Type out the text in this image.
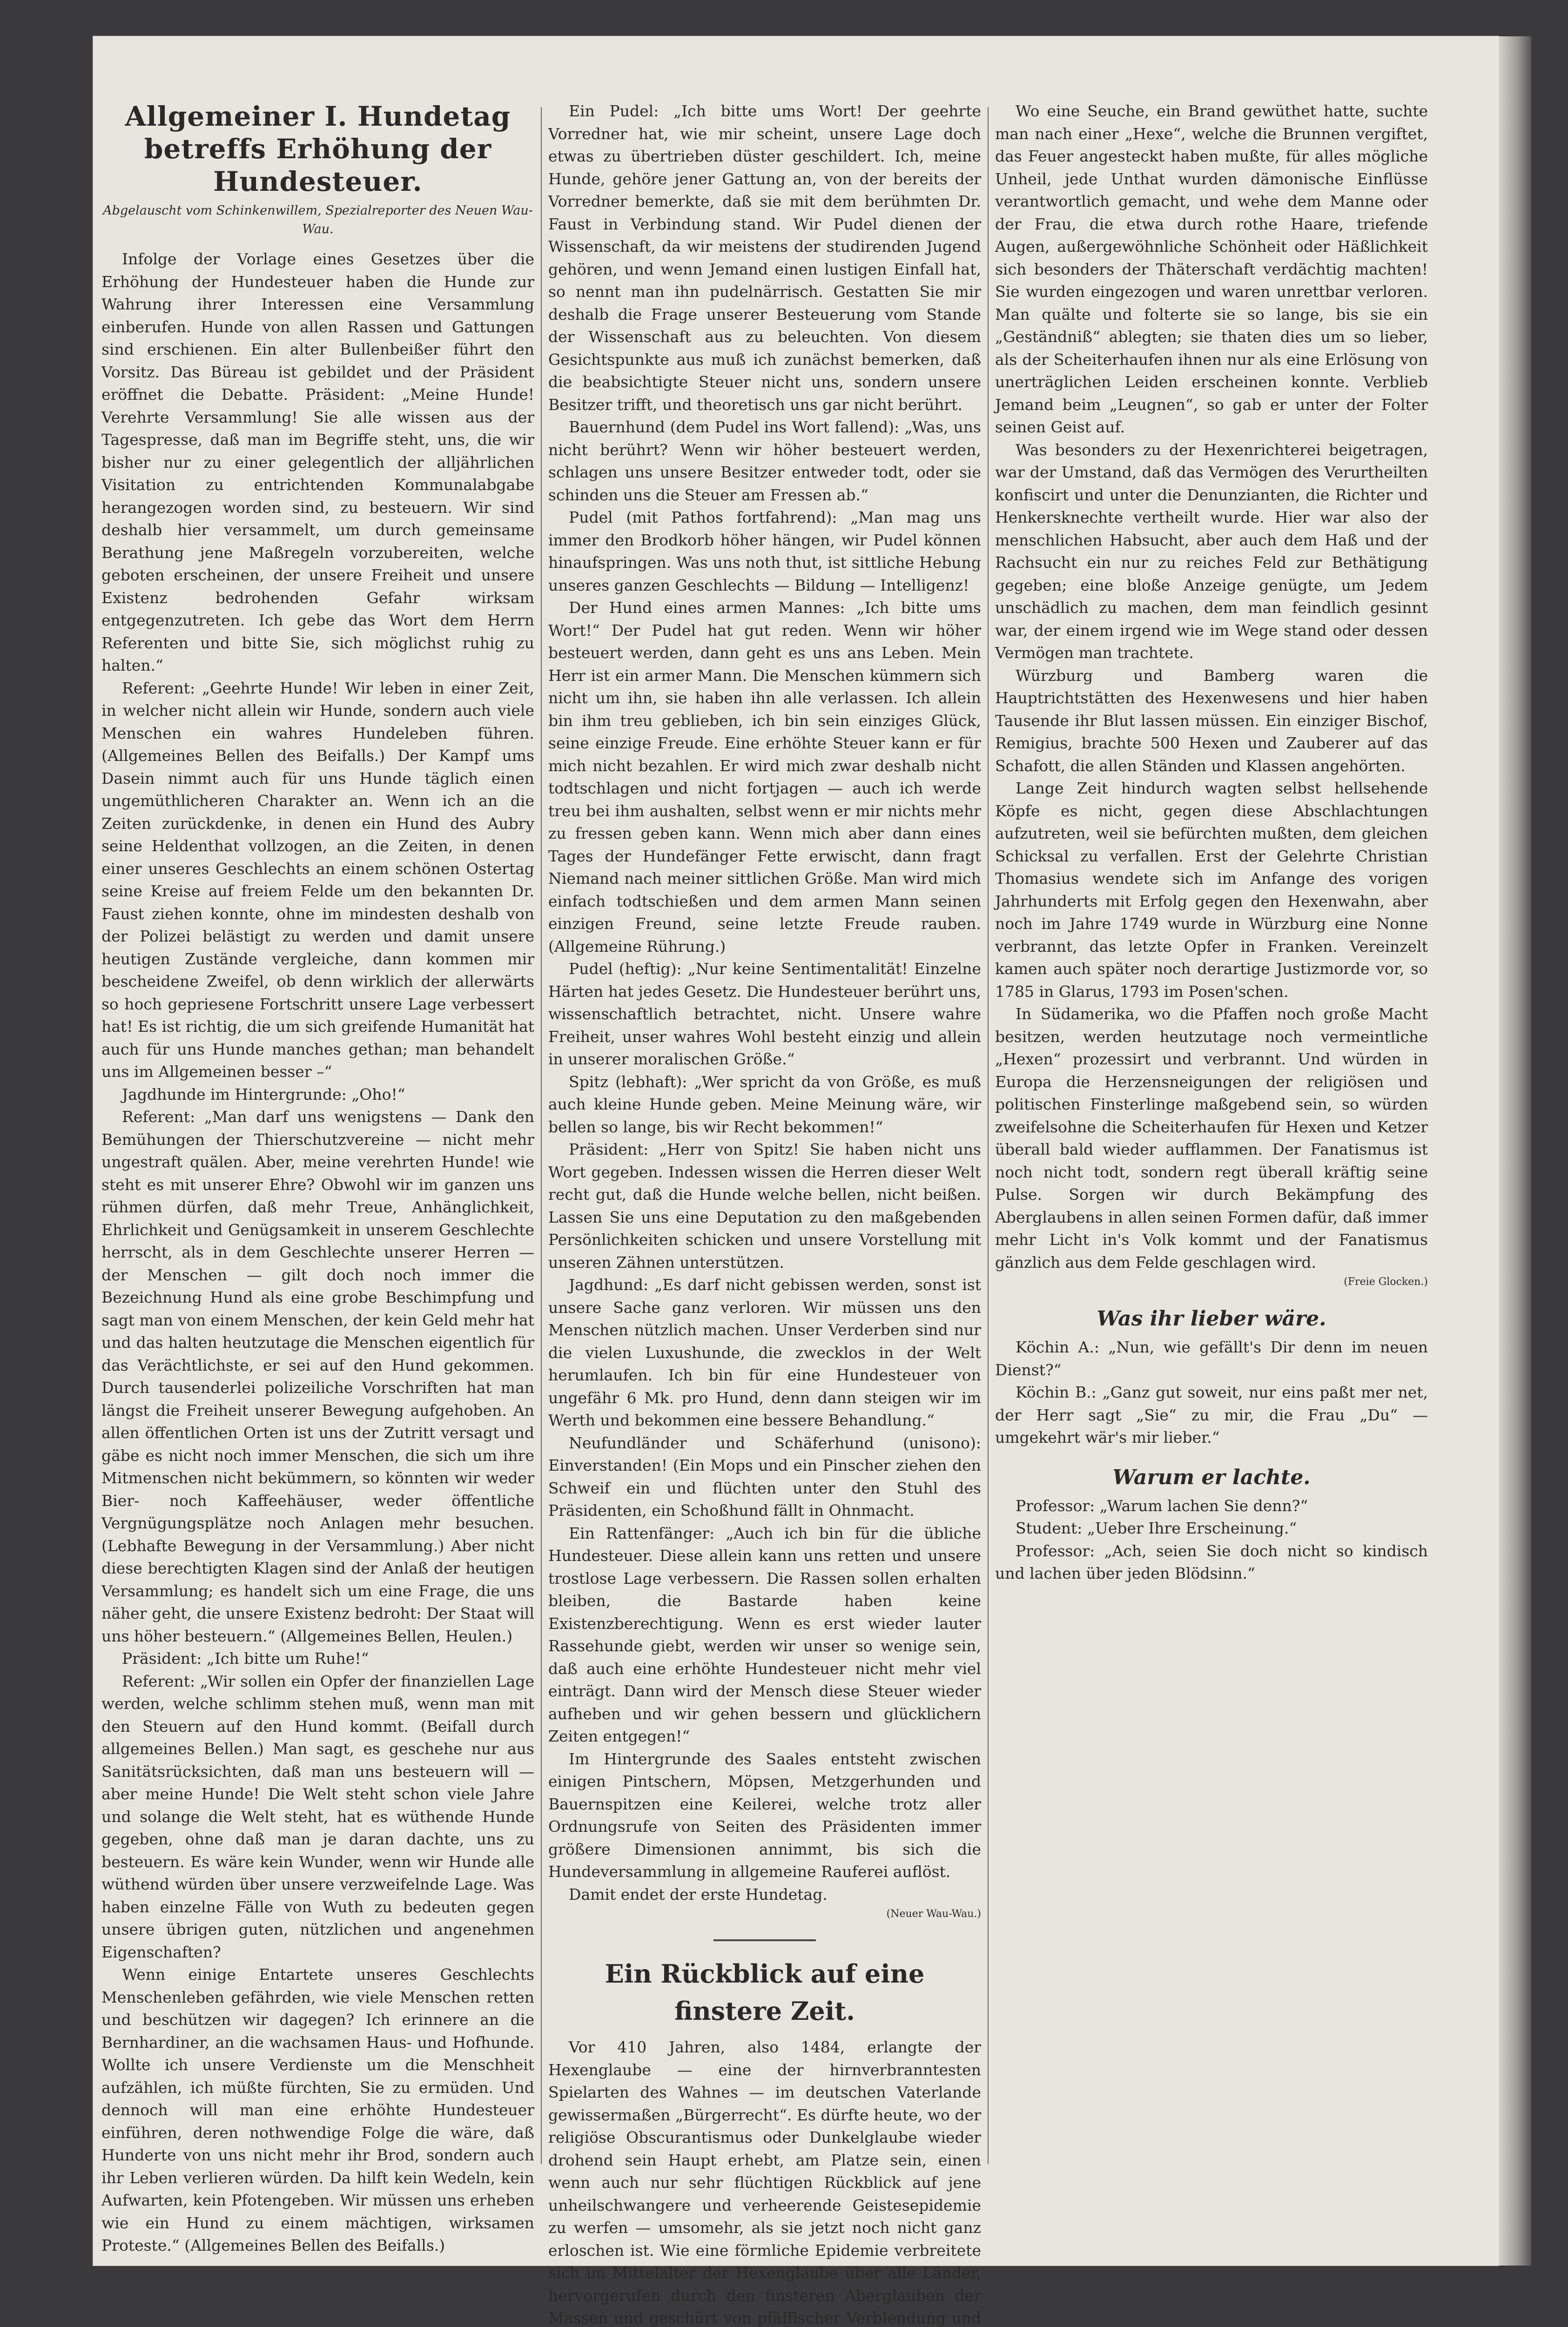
Allgemeiner I. Hundetag

betreffs Erhöhung der Hundesteuer.

Abgelauscht vom Schinkenwillem, Spezialreporter des Neuen Wau-Wau.

Infolge der Vorlage eines Gesetzes über die Erhöhung der Hundesteuer haben die Hunde zur Wahrung ihrer Interessen eine Versammlung einberufen. Hunde von allen Rassen und Gattungen sind erschienen. Ein alter Bullenbeißer führt den Vorsitz. Das Büreau ist gebildet und der Präsident eröffnet die Debatte. Präsident: „Meine Hunde! Verehrte Versammlung! Sie alle wissen aus der Tagespresse, daß man im Begriffe steht, uns, die wir bisher nur zu einer gelegentlich der alljährlichen Visitation zu entrichtenden Kommunalabgabe herangezogen worden sind, zu besteuern. Wir sind deshalb hier versammelt, um durch gemeinsame Berathung jene Maßregeln vorzubereiten, welche geboten erscheinen, der unsere Freiheit und unsere Existenz bedrohenden Gefahr wirksam entgegenzutreten. Ich gebe das Wort dem Herrn Referenten und bitte Sie, sich möglichst ruhig zu halten.“

Referent: „Geehrte Hunde! Wir leben in einer Zeit, in welcher nicht allein wir Hunde, sondern auch viele Menschen ein wahres Hundeleben führen. (Allgemeines Bellen des Beifalls.) Der Kampf ums Dasein nimmt auch für uns Hunde täglich einen ungemüthlicheren Charakter an. Wenn ich an die Zeiten zurückdenke, in denen ein Hund des Aubry seine Heldenthat vollzogen, an die Zeiten, in denen einer unseres Geschlechts an einem schönen Ostertag seine Kreise auf freiem Felde um den bekannten Dr. Faust ziehen konnte, ohne im mindesten deshalb von der Polizei belästigt zu werden und damit unsere heutigen Zustände vergleiche, dann kommen mir bescheidene Zweifel, ob denn wirklich der allerwärts so hoch gepriesene Fortschritt unsere Lage verbessert hat! Es ist richtig, die um sich greifende Humanität hat auch für uns Hunde manches gethan; man behandelt uns im Allgemeinen besser –“

Jagdhunde im Hintergrunde: „Oho!“

Referent: „Man darf uns wenigstens — Dank den Bemühungen der Thierschutzvereine — nicht mehr ungestraft quälen. Aber, meine verehrten Hunde! wie steht es mit unserer Ehre? Obwohl wir im ganzen uns rühmen dürfen, daß mehr Treue, Anhänglichkeit, Ehrlichkeit und Genügsamkeit in unserem Geschlechte herrscht, als in dem Geschlechte unserer Herren — der Menschen — gilt doch noch immer die Bezeichnung Hund als eine grobe Beschimpfung und sagt man von einem Menschen, der kein Geld mehr hat und das halten heutzutage die Menschen eigentlich für das Verächtlichste, er sei auf den Hund gekommen. Durch tausenderlei polizeiliche Vorschriften hat man längst die Freiheit unserer Bewegung aufgehoben. An allen öffentlichen Orten ist uns der Zutritt versagt und gäbe es nicht noch immer Menschen, die sich um ihre Mitmenschen nicht bekümmern, so könnten wir weder Bier- noch Kaffeehäuser, weder öffentliche Vergnügungsplätze noch Anlagen mehr besuchen. (Lebhafte Bewegung in der Versammlung.) Aber nicht diese berechtigten Klagen sind der Anlaß der heutigen Versammlung; es handelt sich um eine Frage, die uns näher geht, die unsere Existenz bedroht: Der Staat will uns höher besteuern.“ (Allgemeines Bellen, Heulen.)

Präsident: „Ich bitte um Ruhe!“

Referent: „Wir sollen ein Opfer der finanziellen Lage werden, welche schlimm stehen muß, wenn man mit den Steuern auf den Hund kommt. (Beifall durch allgemeines Bellen.) Man sagt, es geschehe nur aus Sanitätsrücksichten, daß man uns besteuern will — aber meine Hunde! Die Welt steht schon viele Jahre und solange die Welt steht, hat es wüthende Hunde gegeben, ohne daß man je daran dachte, uns zu besteuern. Es wäre kein Wunder, wenn wir Hunde alle wüthend würden über unsere verzweifelnde Lage. Was haben einzelne Fälle von Wuth zu bedeuten gegen unsere übrigen guten, nützlichen und angenehmen Eigenschaften?

Wenn einige Entartete unseres Geschlechts Menschenleben gefährden, wie viele Menschen retten und beschützen wir dagegen? Ich erinnere an die Bernhardiner, an die wachsamen Haus- und Hofhunde. Wollte ich unsere Verdienste um die Menschheit aufzählen, ich müßte fürchten, Sie zu ermüden. Und dennoch will man eine erhöhte Hundesteuer einführen, deren nothwendige Folge die wäre, daß Hunderte von uns nicht mehr ihr Brod, sondern auch ihr Leben verlieren würden. Da hilft kein Wedeln, kein Aufwarten, kein Pfotengeben. Wir müssen uns erheben wie ein Hund zu einem mächtigen, wirksamen Proteste.“ (Allgemeines Bellen des Beifalls.)

Ein Pudel: „Ich bitte ums Wort! Der geehrte Vorredner hat, wie mir scheint, unsere Lage doch etwas zu übertrieben düster geschildert. Ich, meine Hunde, gehöre jener Gattung an, von der bereits der Vorredner bemerkte, daß sie mit dem berühmten Dr. Faust in Verbindung stand. Wir Pudel dienen der Wissenschaft, da wir meistens der studirenden Jugend gehören, und wenn Jemand einen lustigen Einfall hat, so nennt man ihn pudelnärrisch. Gestatten Sie mir deshalb die Frage unserer Besteuerung vom Stande der Wissenschaft aus zu beleuchten. Von diesem Gesichtspunkte aus muß ich zunächst bemerken, daß die beabsichtigte Steuer nicht uns, sondern unsere Besitzer trifft, und theoretisch uns gar nicht berührt.

Bauernhund (dem Pudel ins Wort fallend): „Was, uns nicht berührt? Wenn wir höher besteuert werden, schlagen uns unsere Besitzer entweder todt, oder sie schinden uns die Steuer am Fressen ab.“

Pudel (mit Pathos fortfahrend): „Man mag uns immer den Brodkorb höher hängen, wir Pudel können hinaufspringen. Was uns noth thut, ist sittliche Hebung unseres ganzen Geschlechts — Bildung — Intelligenz!

Der Hund eines armen Mannes: „Ich bitte ums Wort!“ Der Pudel hat gut reden. Wenn wir höher besteuert werden, dann geht es uns ans Leben. Mein Herr ist ein armer Mann. Die Menschen kümmern sich nicht um ihn, sie haben ihn alle verlassen. Ich allein bin ihm treu geblieben, ich bin sein einziges Glück, seine einzige Freude. Eine erhöhte Steuer kann er für mich nicht bezahlen. Er wird mich zwar deshalb nicht todtschlagen und nicht fortjagen — auch ich werde treu bei ihm aushalten, selbst wenn er mir nichts mehr zu fressen geben kann. Wenn mich aber dann eines Tages der Hundefänger Fette erwischt, dann fragt Niemand nach meiner sittlichen Größe. Man wird mich einfach todtschießen und dem armen Mann seinen einzigen Freund, seine letzte Freude rauben. (Allgemeine Rührung.)

Pudel (heftig): „Nur keine Sentimentalität! Einzelne Härten hat jedes Gesetz. Die Hundesteuer berührt uns, wissenschaftlich betrachtet, nicht. Unsere wahre Freiheit, unser wahres Wohl besteht einzig und allein in unserer moralischen Größe.“

Spitz (lebhaft): „Wer spricht da von Größe, es muß auch kleine Hunde geben. Meine Meinung wäre, wir bellen so lange, bis wir Recht bekommen!“

Präsident: „Herr von Spitz! Sie haben nicht uns Wort gegeben. Indessen wissen die Herren dieser Welt recht gut, daß die Hunde welche bellen, nicht beißen. Lassen Sie uns eine Deputation zu den maßgebenden Persönlichkeiten schicken und unsere Vorstellung mit unseren Zähnen unterstützen.

Jagdhund: „Es darf nicht gebissen werden, sonst ist unsere Sache ganz verloren. Wir müssen uns den Menschen nützlich machen. Unser Verderben sind nur die vielen Luxushunde, die zwecklos in der Welt herumlaufen. Ich bin für eine Hundesteuer von ungefähr 6 Mk. pro Hund, denn dann steigen wir im Werth und bekommen eine bessere Behandlung.“

Neufundländer und Schäferhund (unisono): Einverstanden! (Ein Mops und ein Pinscher ziehen den Schweif ein und flüchten unter den Stuhl des Präsidenten, ein Schoßhund fällt in Ohnmacht.

Ein Rattenfänger: „Auch ich bin für die übliche Hundesteuer. Diese allein kann uns retten und unsere trostlose Lage verbessern. Die Rassen sollen erhalten bleiben, die Bastarde haben keine Existenzberechtigung. Wenn es erst wieder lauter Rassehunde giebt, werden wir unser so wenige sein, daß auch eine erhöhte Hundesteuer nicht mehr viel einträgt. Dann wird der Mensch diese Steuer wieder aufheben und wir gehen bessern und glücklichern Zeiten entgegen!“

Im Hintergrunde des Saales entsteht zwischen einigen Pintschern, Möpsen, Metzgerhunden und Bauernspitzen eine Keilerei, welche trotz aller Ordnungsrufe von Seiten des Präsidenten immer größere Dimensionen annimmt, bis sich die Hundeversammlung in allgemeine Rauferei auflöst.

Damit endet der erste Hundetag.

(Neuer Wau-Wau.)

Ein Rückblick auf eine finstere Zeit.

Vor 410 Jahren, also 1484, erlangte der Hexenglaube — eine der hirnverbranntesten Spielarten des Wahnes — im deutschen Vaterlande gewissermaßen „Bürgerrecht“. Es dürfte heute, wo der religiöse Obscurantismus oder Dunkelglaube wieder drohend sein Haupt erhebt, am Platze sein, einen wenn auch nur sehr flüchtigen Rückblick auf jene unheilschwangere und verheerende Geistesepidemie zu werfen — umsomehr, als sie jetzt noch nicht ganz erloschen ist. Wie eine förmliche Epidemie verbreitete sich im Mittelalter der Hexenglaube über alle Länder, hervorgerufen durch den finsteren Aberglauben der Massen und geschürt von pfäffischer Verblendung und

Wo eine Seuche, ein Brand gewüthet hatte, suchte man nach einer „Hexe“, welche die Brunnen vergiftet, das Feuer angesteckt haben mußte, für alles mögliche Unheil, jede Unthat wurden dämonische Einflüsse verantwortlich gemacht, und wehe dem Manne oder der Frau, die etwa durch rothe Haare, triefende Augen, außergewöhnliche Schönheit oder Häßlichkeit sich besonders der Thäterschaft verdächtig machten! Sie wurden eingezogen und waren unrettbar verloren. Man quälte und folterte sie so lange, bis sie ein „Geständniß“ ablegten; sie thaten dies um so lieber, als der Scheiterhaufen ihnen nur als eine Erlösung von unerträglichen Leiden erscheinen konnte. Verblieb Jemand beim „Leugnen“, so gab er unter der Folter seinen Geist auf.

Was besonders zu der Hexenrichterei beigetragen, war der Umstand, daß das Vermögen des Verurtheilten konfiscirt und unter die Denunzianten, die Richter und Henkersknechte vertheilt wurde. Hier war also der menschlichen Habsucht, aber auch dem Haß und der Rachsucht ein nur zu reiches Feld zur Bethätigung gegeben; eine bloße Anzeige genügte, um Jedem unschädlich zu machen, dem man feindlich gesinnt war, der einem irgend wie im Wege stand oder dessen Vermögen man trachtete.

Würzburg und Bamberg waren die Hauptrichtstätten des Hexenwesens und hier haben Tausende ihr Blut lassen müssen. Ein einziger Bischof, Remigius, brachte 500 Hexen und Zauberer auf das Schafott, die allen Ständen und Klassen angehörten.

Lange Zeit hindurch wagten selbst hellsehende Köpfe es nicht, gegen diese Abschlachtungen aufzutreten, weil sie befürchten mußten, dem gleichen Schicksal zu verfallen. Erst der Gelehrte Christian Thomasius wendete sich im Anfange des vorigen Jahrhunderts mit Erfolg gegen den Hexenwahn, aber noch im Jahre 1749 wurde in Würzburg eine Nonne verbrannt, das letzte Opfer in Franken. Vereinzelt kamen auch später noch derartige Justizmorde vor, so 1785 in Glarus, 1793 im Posen'schen.

In Südamerika, wo die Pfaffen noch große Macht besitzen, werden heutzutage noch vermeintliche „Hexen“ prozessirt und verbrannt. Und würden in Europa die Herzensneigungen der religiösen und politischen Finsterlinge maßgebend sein, so würden zweifelsohne die Scheiterhaufen für Hexen und Ketzer überall bald wieder aufflammen. Der Fanatismus ist noch nicht todt, sondern regt überall kräftig seine Pulse. Sorgen wir durch Bekämpfung des Aberglaubens in allen seinen Formen dafür, daß immer mehr Licht in's Volk kommt und der Fanatismus gänzlich aus dem Felde geschlagen wird.

(Freie Glocken.)

Was ihr lieber wäre.

Köchin A.: „Nun, wie gefällt's Dir denn im neuen Dienst?“

Köchin B.: „Ganz gut soweit, nur eins paßt mer net, der Herr sagt „Sie“ zu mir, die Frau „Du“ — umgekehrt wär's mir lieber.“

Warum er lachte.

Professor: „Warum lachen Sie denn?“

Student: „Ueber Ihre Erscheinung.“

Professor: „Ach, seien Sie doch nicht so kindisch und lachen über jeden Blödsinn.“
